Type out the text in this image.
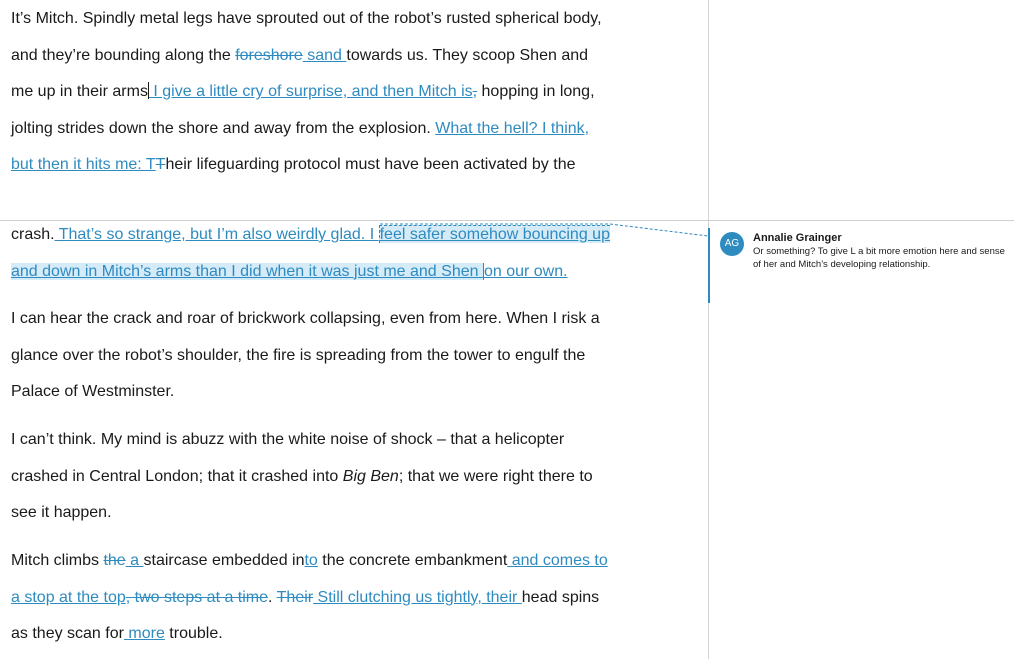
It’s Mitch. Spindly metal legs have sprouted out of the robot’s rusted spherical body,
and they’re bounding along the foreshore sand towards us. They scoop Shen and
me up in their arms I give a little cry of surprise, and then Mitch is, hopping in long,
jolting strides down the shore and away from the explosion. What the hell? I think,
but then it hits me: TTheir lifeguarding protocol must have been activated by the

crash. That’s so strange, but I’m also weirdly glad. I feel safer somehow bouncing up
and down in Mitch’s arms than I did when it was just me and Shen on our own.

I can hear the crack and roar of brickwork collapsing, even from here. When I risk a
glance over the robot’s shoulder, the fire is spreading from the tower to engulf the
Palace of Westminster.

I can’t think. My mind is abuzz with the white noise of shock – that a helicopter
crashed in Central London; that it crashed into Big Ben; that we were right there to
see it happen.

Mitch climbs the a staircase embedded into the concrete embankment and comes to
a stop at the top, two steps at a time. Their Still clutching us tightly, their head spins
as they scan for more trouble.

AG	Annalie Grainger
Or something? To give L a bit more emotion here and sense of her and Mitch’s developing relationship.
